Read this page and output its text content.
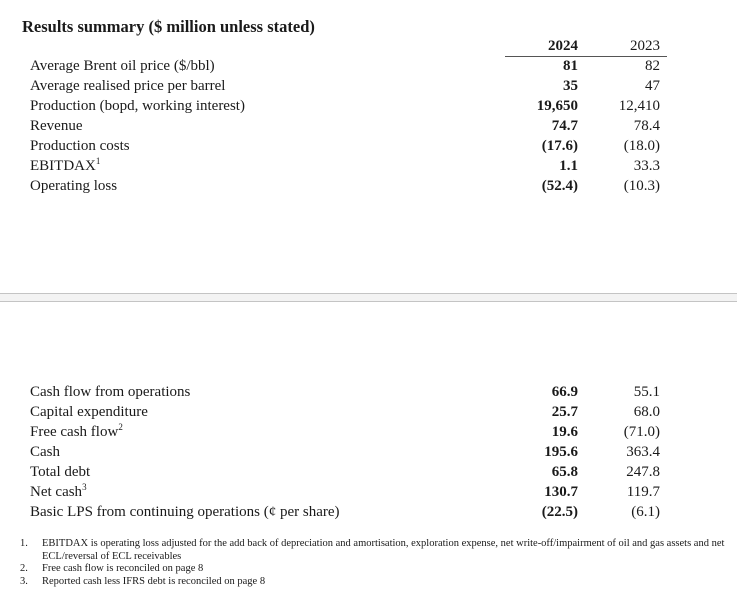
Results summary ($ million unless stated)
2024	2023
Average Brent oil price ($/bbl)	81	82
Average realised price per barrel	35	47
Production (bopd, working interest)	19,650	12,410
Revenue	74.7	78.4
Production costs	(17.6)	(18.0)
EBITDAX$^1$	1.1	33.3
Operating loss	(52.4)	(10.3)
Cash flow from operations	66.9	55.1
Capital expenditure	25.7	68.0
Free cash flow$^2$	19.6	(71.0)
Cash	195.6	363.4
Total debt	65.8	247.8
Net cash$^3$	130.7	119.7
Basic LPS from continuing operations (¢ per share)	(22.5)	(6.1)
1. EBITDAX is operating loss adjusted for the add back of depreciation and amortisation, exploration expense, net write-off/impairment of oil and gas assets and net ECL/reversal of ECL receivables
2. Free cash flow is reconciled on page 8
3. Reported cash less IFRS debt is reconciled on page 8
